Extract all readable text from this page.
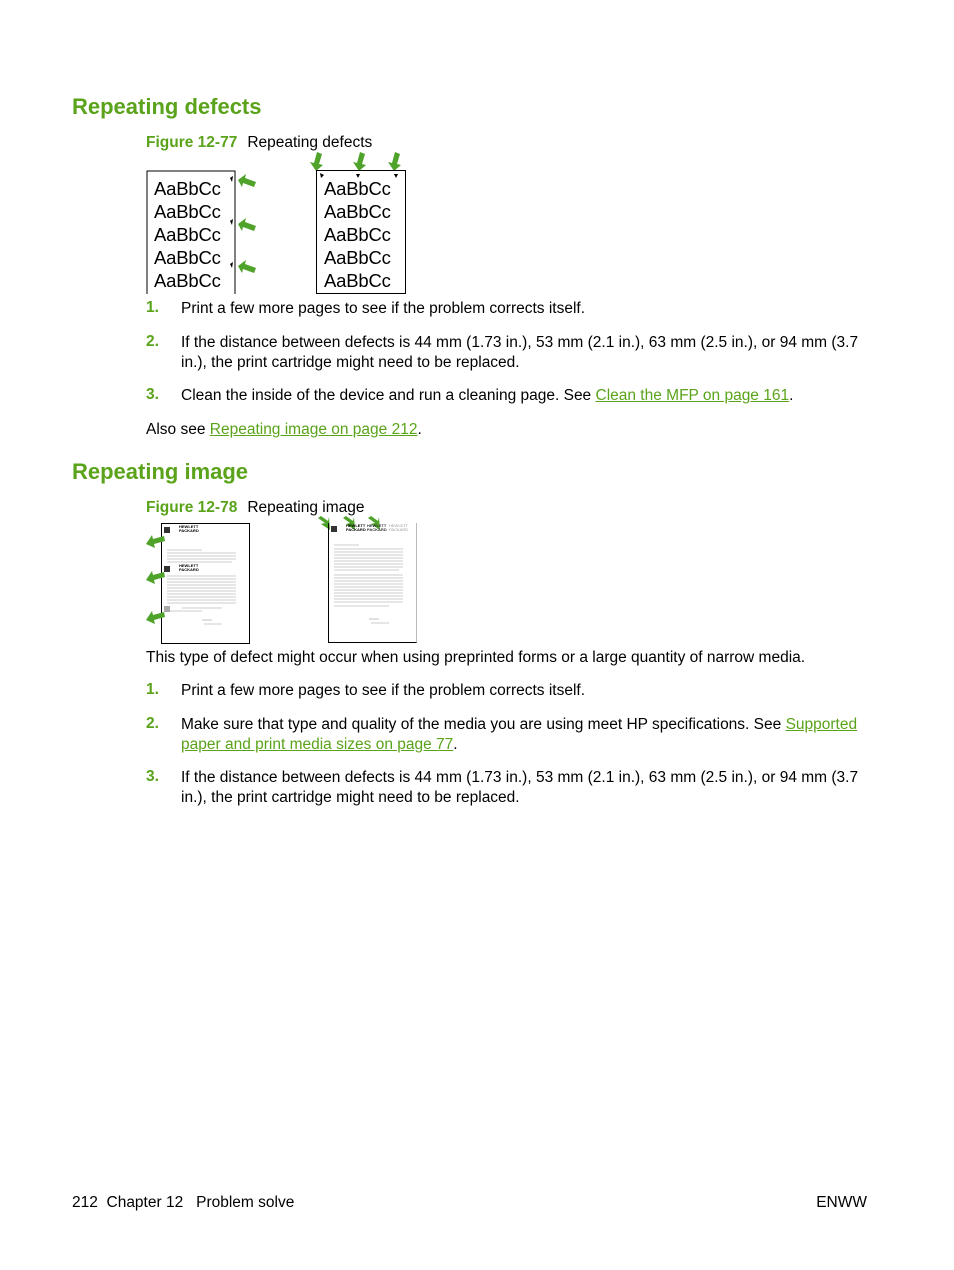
Repeating defects
Figure 12-77 Repeating defects
AaBbCc
AaBbCc
AaBbCc
AaBbCc
AaBbCc
AaBbCc
AaBbCc
AaBbCc
AaBbCc
AaBbCc
1. Print a few more pages to see if the problem corrects itself.
2. If the distance between defects is 44 mm (1.73 in.), 53 mm (2.1 in.), 63 mm (2.5 in.), or 94 mm (3.7 in.), the print cartridge might need to be replaced.
3. Clean the inside of the device and run a cleaning page. See Clean the MFP on page 161.
Also see Repeating image on page 212.
Repeating image
Figure 12-78 Repeating image
HEWLETT
PACKARD
HEWLETT
PACKARD
HEWLETT
PACKARD
HEWLETT
PACKARD
HEWLETT
PACKARD
This type of defect might occur when using preprinted forms or a large quantity of narrow media.
1. Print a few more pages to see if the problem corrects itself.
2. Make sure that type and quality of the media you are using meet HP specifications. See Supported paper and print media sizes on page 77.
3. If the distance between defects is 44 mm (1.73 in.), 53 mm (2.1 in.), 63 mm (2.5 in.), or 94 mm (3.7 in.), the print cartridge might need to be replaced.
212 Chapter 12 Problem solve	ENWW
